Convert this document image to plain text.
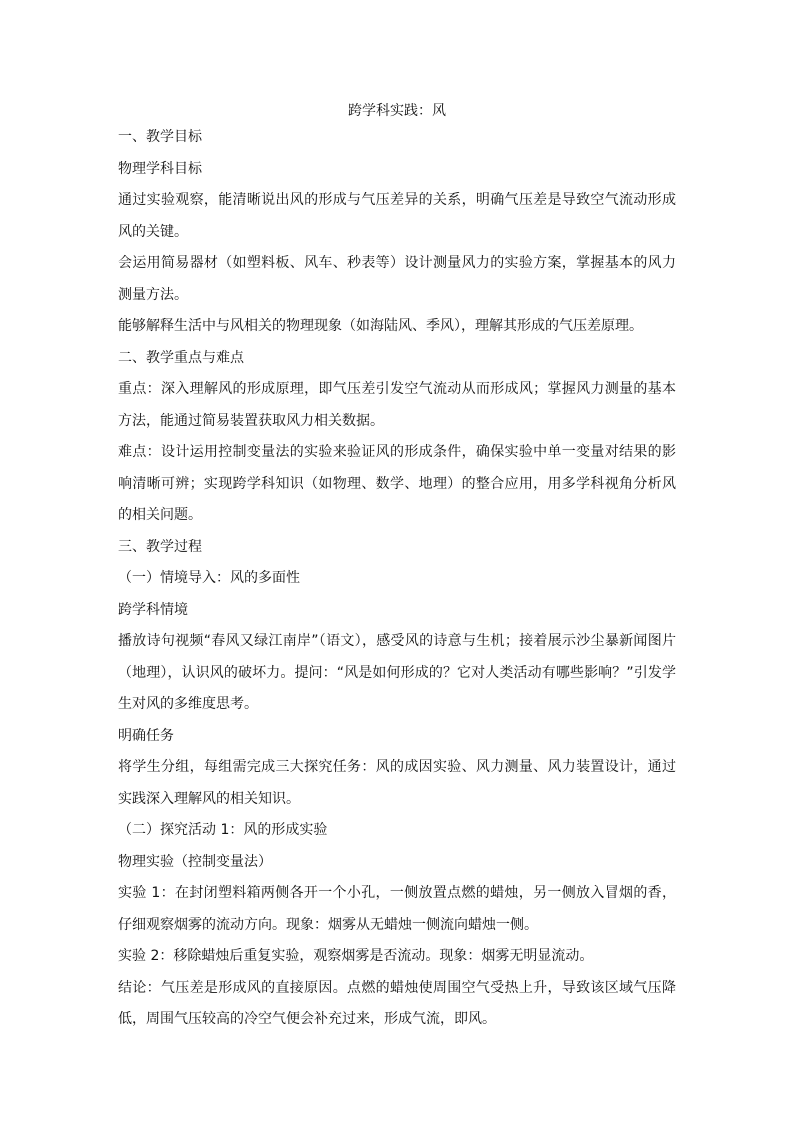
跨学科实践：风

一、教学目标

物理学科目标

通过实验观察，能清晰说出风的形成与气压差异的关系，明确气压差是导致空气流动形成风的关键。

会运用简易器材（如塑料板、风车、秒表等）设计测量风力的实验方案，掌握基本的风力测量方法。

能够解释生活中与风相关的物理现象（如海陆风、季风），理解其形成的气压差原理。

二、教学重点与难点

重点：深入理解风的形成原理，即气压差引发空气流动从而形成风；掌握风力测量的基本方法，能通过简易装置获取风力相关数据。

难点：设计运用控制变量法的实验来验证风的形成条件，确保实验中单一变量对结果的影响清晰可辨；实现跨学科知识（如物理、数学、地理）的整合应用，用多学科视角分析风的相关问题。

三、教学过程

（一）情境导入：风的多面性

跨学科情境

播放诗句视频“春风又绿江南岸”（语文），感受风的诗意与生机；接着展示沙尘暴新闻图片（地理），认识风的破坏力。提问：“风是如何形成的？它对人类活动有哪些影响？”引发学生对风的多维度思考。

明确任务

将学生分组，每组需完成三大探究任务：风的成因实验、风力测量、风力装置设计，通过实践深入理解风的相关知识。

（二）探究活动 1：风的形成实验

物理实验（控制变量法）

实验 1：在封闭塑料箱两侧各开一个小孔，一侧放置点燃的蜡烛，另一侧放入冒烟的香，仔细观察烟雾的流动方向。现象：烟雾从无蜡烛一侧流向蜡烛一侧。

实验 2：移除蜡烛后重复实验，观察烟雾是否流动。现象：烟雾无明显流动。

结论：气压差是形成风的直接原因。点燃的蜡烛使周围空气受热上升，导致该区域气压降低，周围气压较高的冷空气便会补充过来，形成气流，即风。
